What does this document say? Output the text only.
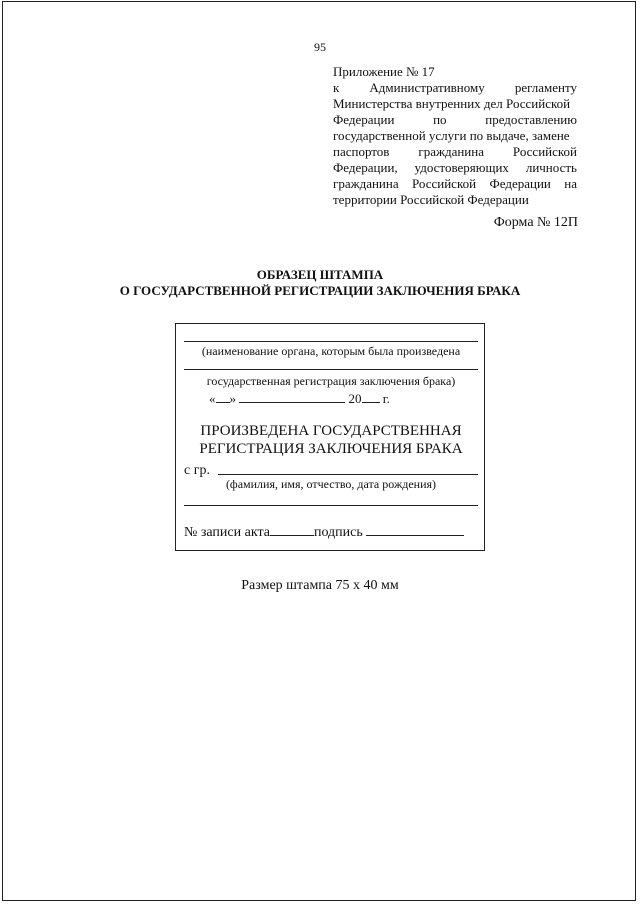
95
Приложение № 17
к Административному регламенту
Министерства внутренних дел Российской
Федерации	по	предоставлению
государственной услуги по выдаче, замене
паспортов гражданина Российской
Федерации, удостоверяющих личность
гражданина Российской Федерации на
территории Российской Федерации
Форма № 12П
ОБРАЗЕЦ ШТАМПА
О ГОСУДАРСТВЕННОЙ РЕГИСТРАЦИИ ЗАКЛЮЧЕНИЯ БРАКА
(наименование органа, которым была произведена
государственная регистрация заключения брака)
« »	20 г.
ПРОИЗВЕДЕНА ГОСУДАРСТВЕННАЯ
РЕГИСТРАЦИЯ ЗАКЛЮЧЕНИЯ БРАКА
с гр.
(фамилия, имя, отчество, дата рождения)
№ записи акта	подпись
Размер штампа 75 х 40 мм
